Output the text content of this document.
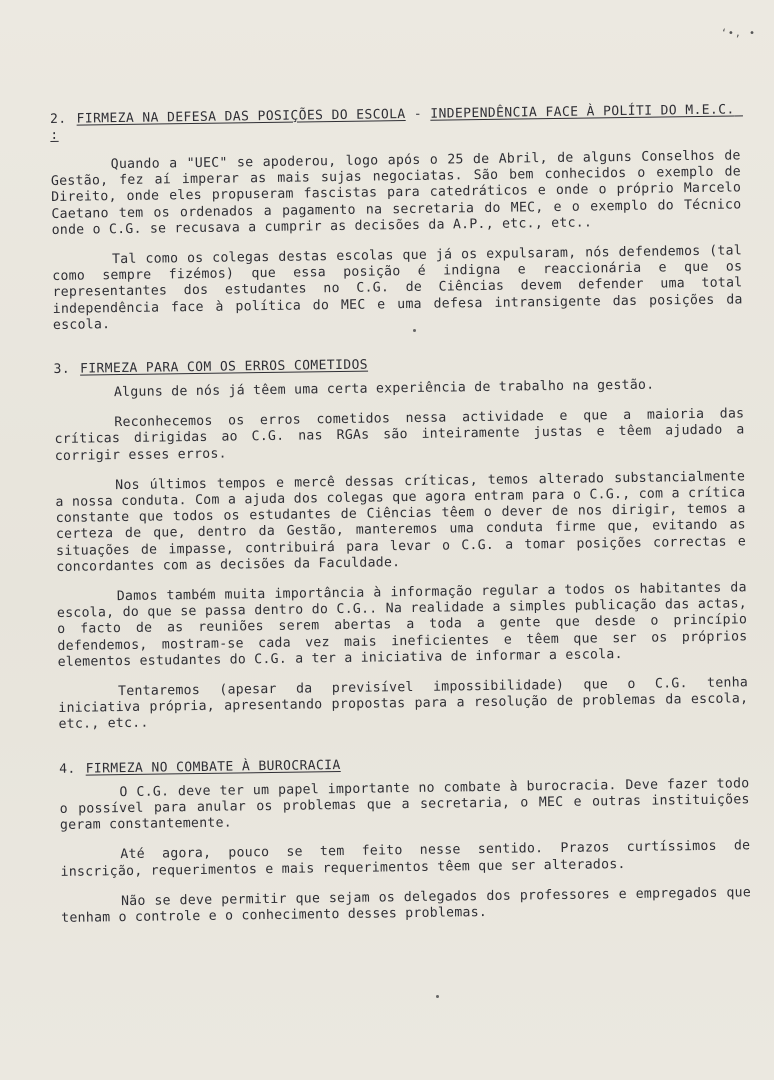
‘•, •
2. FIRMEZA NA DEFESA DAS POSIÇÕES DO ESCOLA - INDEPENDÊNCIA FACE À POLÍTI DO M.E.C. :

Quando a "UEC" se apoderou, logo após o 25 de Abril, de alguns Conselhos de Gestão, fez aí imperar as mais sujas negociatas. São bem conhecidos o exemplo de Direito, onde eles propuseram fascistas para catedráticos e onde o próprio Marcelo Caetano tem os ordenados a pagamento na secretaria do MEC, e o exemplo do Técnico onde o C.G. se recusava a cumprir as decisões da A.P., etc., etc..

Tal como os colegas destas escolas que já os expulsaram, nós defendemos (tal como sempre fizémos) que essa posição é indigna e reaccionária e que os representantes dos estudantes no C.G. de Ciências devem defender uma total independência face à política do MEC e uma defesa intransigente das posições da escola.

3. FIRMEZA PARA COM OS ERROS COMETIDOS

Alguns de nós já têem uma certa experiência de trabalho na gestão.

Reconhecemos os erros cometidos nessa actividade e que a maioria das críticas dirigidas ao C.G. nas RGAs são inteiramente justas e têem ajudado a corrigir esses erros.

Nos últimos tempos e mercê dessas críticas, temos alterado substancialmente a nossa conduta. Com a ajuda dos colegas que agora entram para o C.G., com a crítica constante que todos os estudantes de Ciências têem o dever de nos dirigir, temos a certeza de que, dentro da Gestão, manteremos uma conduta firme que, evitando as situações de impasse, contribuirá para levar o C.G. a tomar posições correctas e concordantes com as decisões da Faculdade.

Damos também muita importância à informação regular a todos os habitantes da escola, do que se passa dentro do C.G.. Na realidade a simples publicação das actas, o facto de as reuniões serem abertas a toda a gente que desde o princípio defendemos, mostram-se cada vez mais ineficientes e têem que ser os próprios elementos estudantes do C.G. a ter a iniciativa de informar a escola.

Tentaremos (apesar da previsível impossibilidade) que o C.G. tenha iniciativa própria, apresentando propostas para a resolução de problemas da escola, etc., etc..

4. FIRMEZA NO COMBATE À BUROCRACIA

O C.G. deve ter um papel importante no combate à burocracia. Deve fazer todo o possível para anular os problemas que a secretaria, o MEC e outras instituições geram constantemente.

Até agora, pouco se tem feito nesse sentido. Prazos curtíssimos de inscrição, requerimentos e mais requerimentos têem que ser alterados.

Não se deve permitir que sejam os delegados dos professores e empregados que tenham o controle e o conhecimento desses problemas.
